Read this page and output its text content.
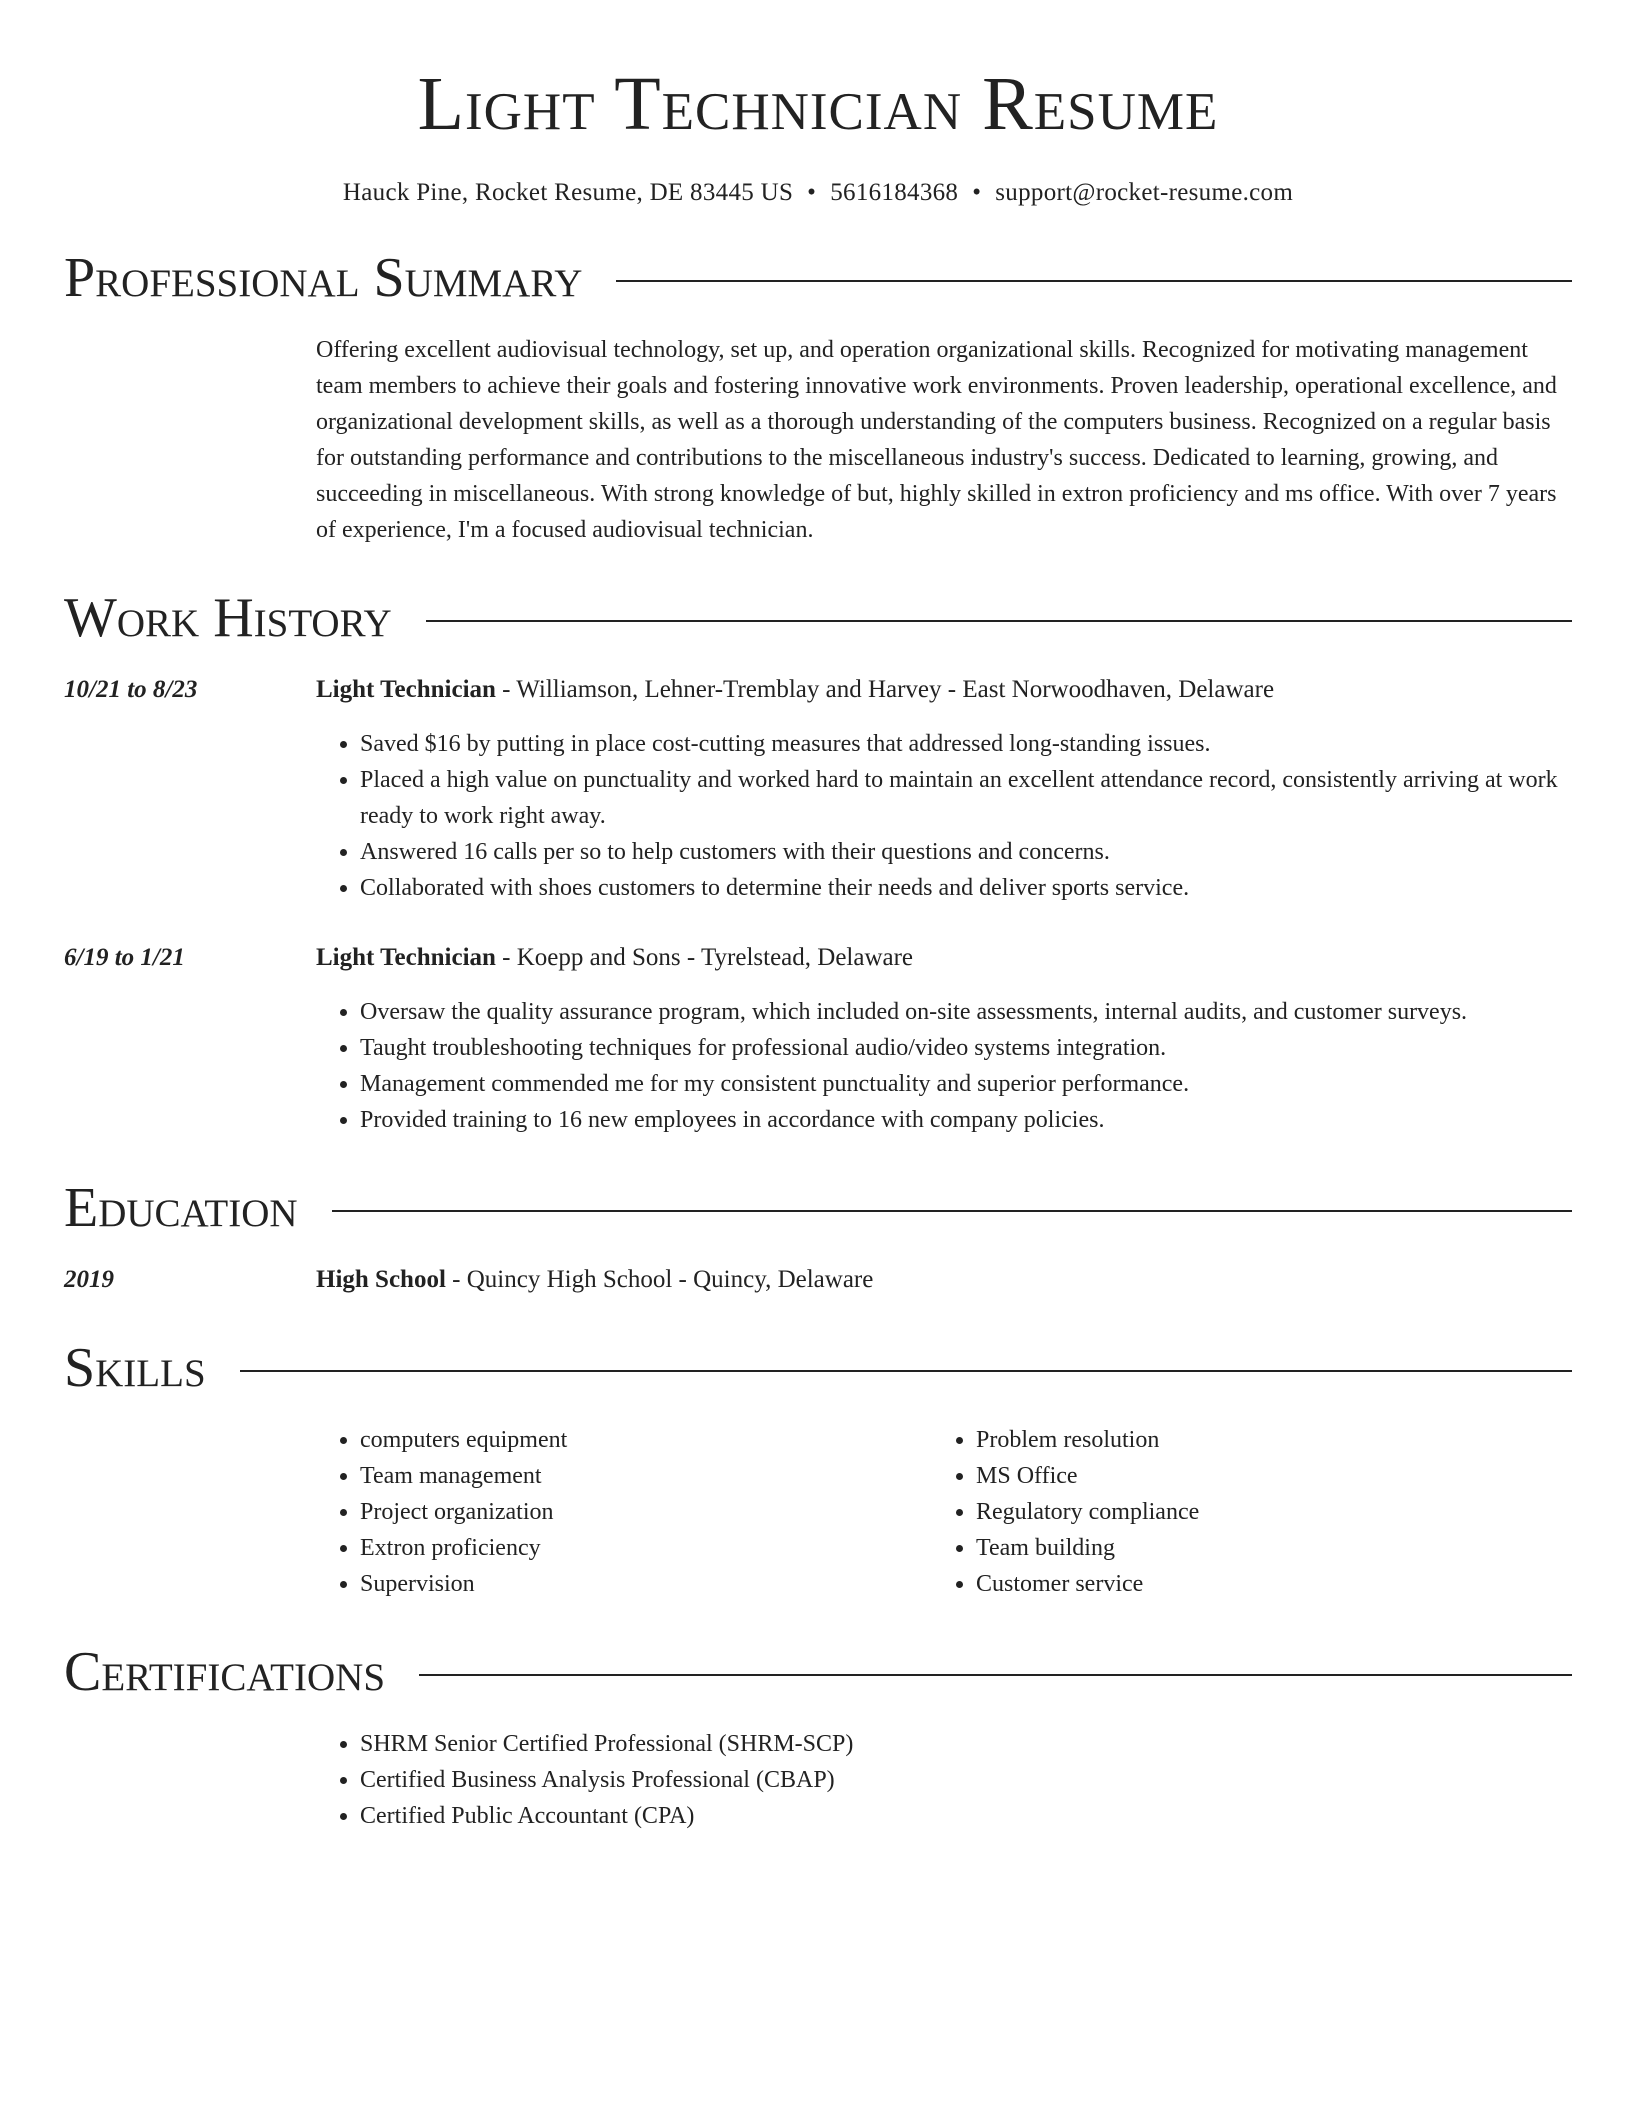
Light Technician Resume
Hauck Pine, Rocket Resume, DE 83445 US • 5616184368 • support@rocket-resume.com
Professional Summary
Offering excellent audiovisual technology, set up, and operation organizational skills. Recognized for motivating management team members to achieve their goals and fostering innovative work environments. Proven leadership, operational excellence, and organizational development skills, as well as a thorough understanding of the computers business. Recognized on a regular basis for outstanding performance and contributions to the miscellaneous industry's success. Dedicated to learning, growing, and succeeding in miscellaneous. With strong knowledge of but, highly skilled in extron proficiency and ms office. With over 7 years of experience, I'm a focused audiovisual technician.
Work History
10/21 to 8/23	Light Technician - Williamson, Lehner-Tremblay and Harvey - East Norwoodhaven, Delaware
• Saved $16 by putting in place cost-cutting measures that addressed long-standing issues.
• Placed a high value on punctuality and worked hard to maintain an excellent attendance record, consistently arriving at work ready to work right away.
• Answered 16 calls per so to help customers with their questions and concerns.
• Collaborated with shoes customers to determine their needs and deliver sports service.
6/19 to 1/21	Light Technician - Koepp and Sons - Tyrelstead, Delaware
• Oversaw the quality assurance program, which included on-site assessments, internal audits, and customer surveys.
• Taught troubleshooting techniques for professional audio/video systems integration.
• Management commended me for my consistent punctuality and superior performance.
• Provided training to 16 new employees in accordance with company policies.
Education
2019	High School - Quincy High School - Quincy, Delaware
Skills
• computers equipment
• Team management
• Project organization
• Extron proficiency
• Supervision
• Problem resolution
• MS Office
• Regulatory compliance
• Team building
• Customer service
Certifications
• SHRM Senior Certified Professional (SHRM-SCP)
• Certified Business Analysis Professional (CBAP)
• Certified Public Accountant (CPA)
